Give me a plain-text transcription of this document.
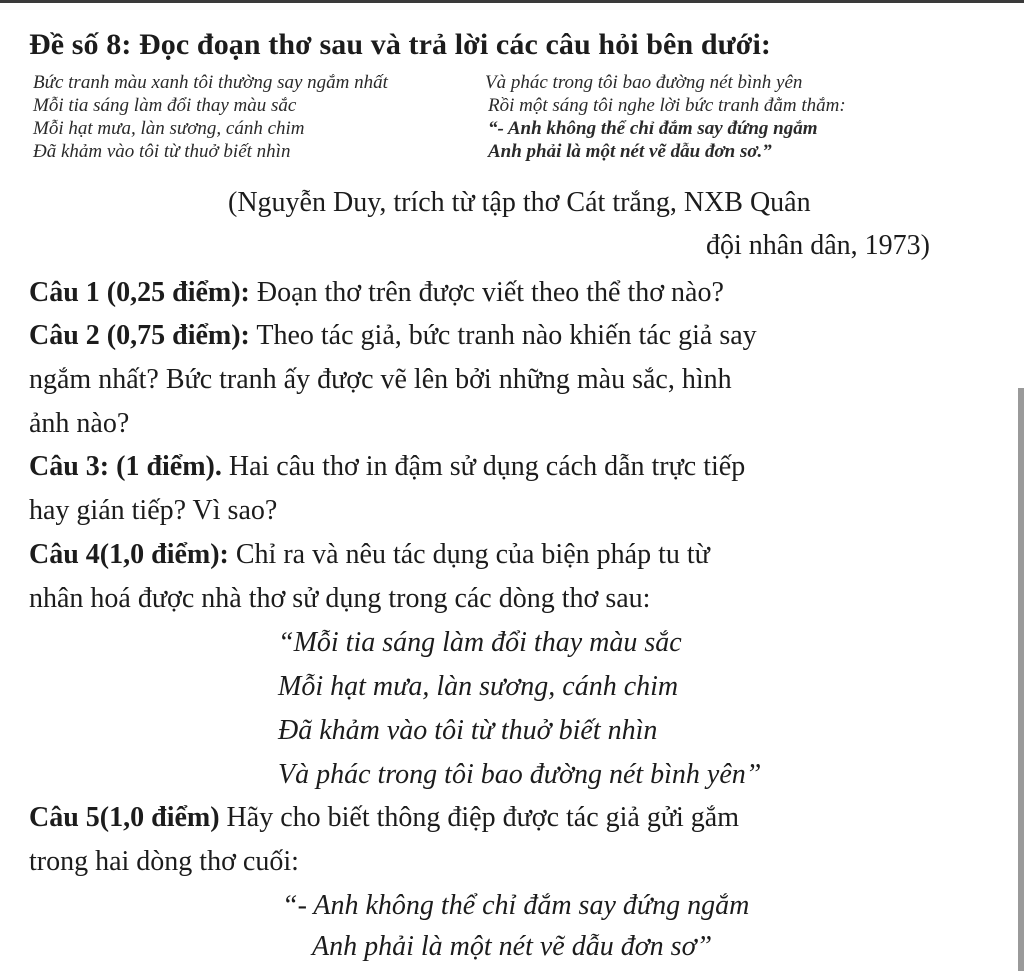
Đề số 8: Đọc đoạn thơ sau và trả lời các câu hỏi bên dưới:
Bức tranh màu xanh tôi thường say ngắm nhất
Mỗi tia sáng làm đổi thay màu sắc
Mỗi hạt mưa, làn sương, cánh chim
Đã khảm vào tôi từ thuở biết nhìn
Và phác trong tôi bao đường nét bình yên
Rồi một sáng tôi nghe lời bức tranh đằm thắm:
“- Anh không thể chỉ đắm say đứng ngắm
Anh phải là một nét vẽ dẫu đơn sơ.”
(Nguyễn Duy, trích từ tập thơ Cát trắng, NXB Quân
đội nhân dân, 1973)
Câu 1 (0,25 điểm): Đoạn thơ trên được viết theo thể thơ nào?
Câu 2 (0,75 điểm): Theo tác giả, bức tranh nào khiến tác giả say
ngắm nhất? Bức tranh ấy được vẽ lên bởi những màu sắc, hình
ảnh nào?
Câu 3: (1 điểm). Hai câu thơ in đậm sử dụng cách dẫn trực tiếp
hay gián tiếp? Vì sao?
Câu 4(1,0 điểm): Chỉ ra và nêu tác dụng của biện pháp tu từ
nhân hoá được nhà thơ sử dụng trong các dòng thơ sau:
“Mỗi tia sáng làm đổi thay màu sắc
Mỗi hạt mưa, làn sương, cánh chim
Đã khảm vào tôi từ thuở biết nhìn
Và phác trong tôi bao đường nét bình yên”
Câu 5(1,0 điểm) Hãy cho biết thông điệp được tác giả gửi gắm
trong hai dòng thơ cuối:
“- Anh không thể chỉ đắm say đứng ngắm
Anh phải là một nét vẽ dẫu đơn sơ”
